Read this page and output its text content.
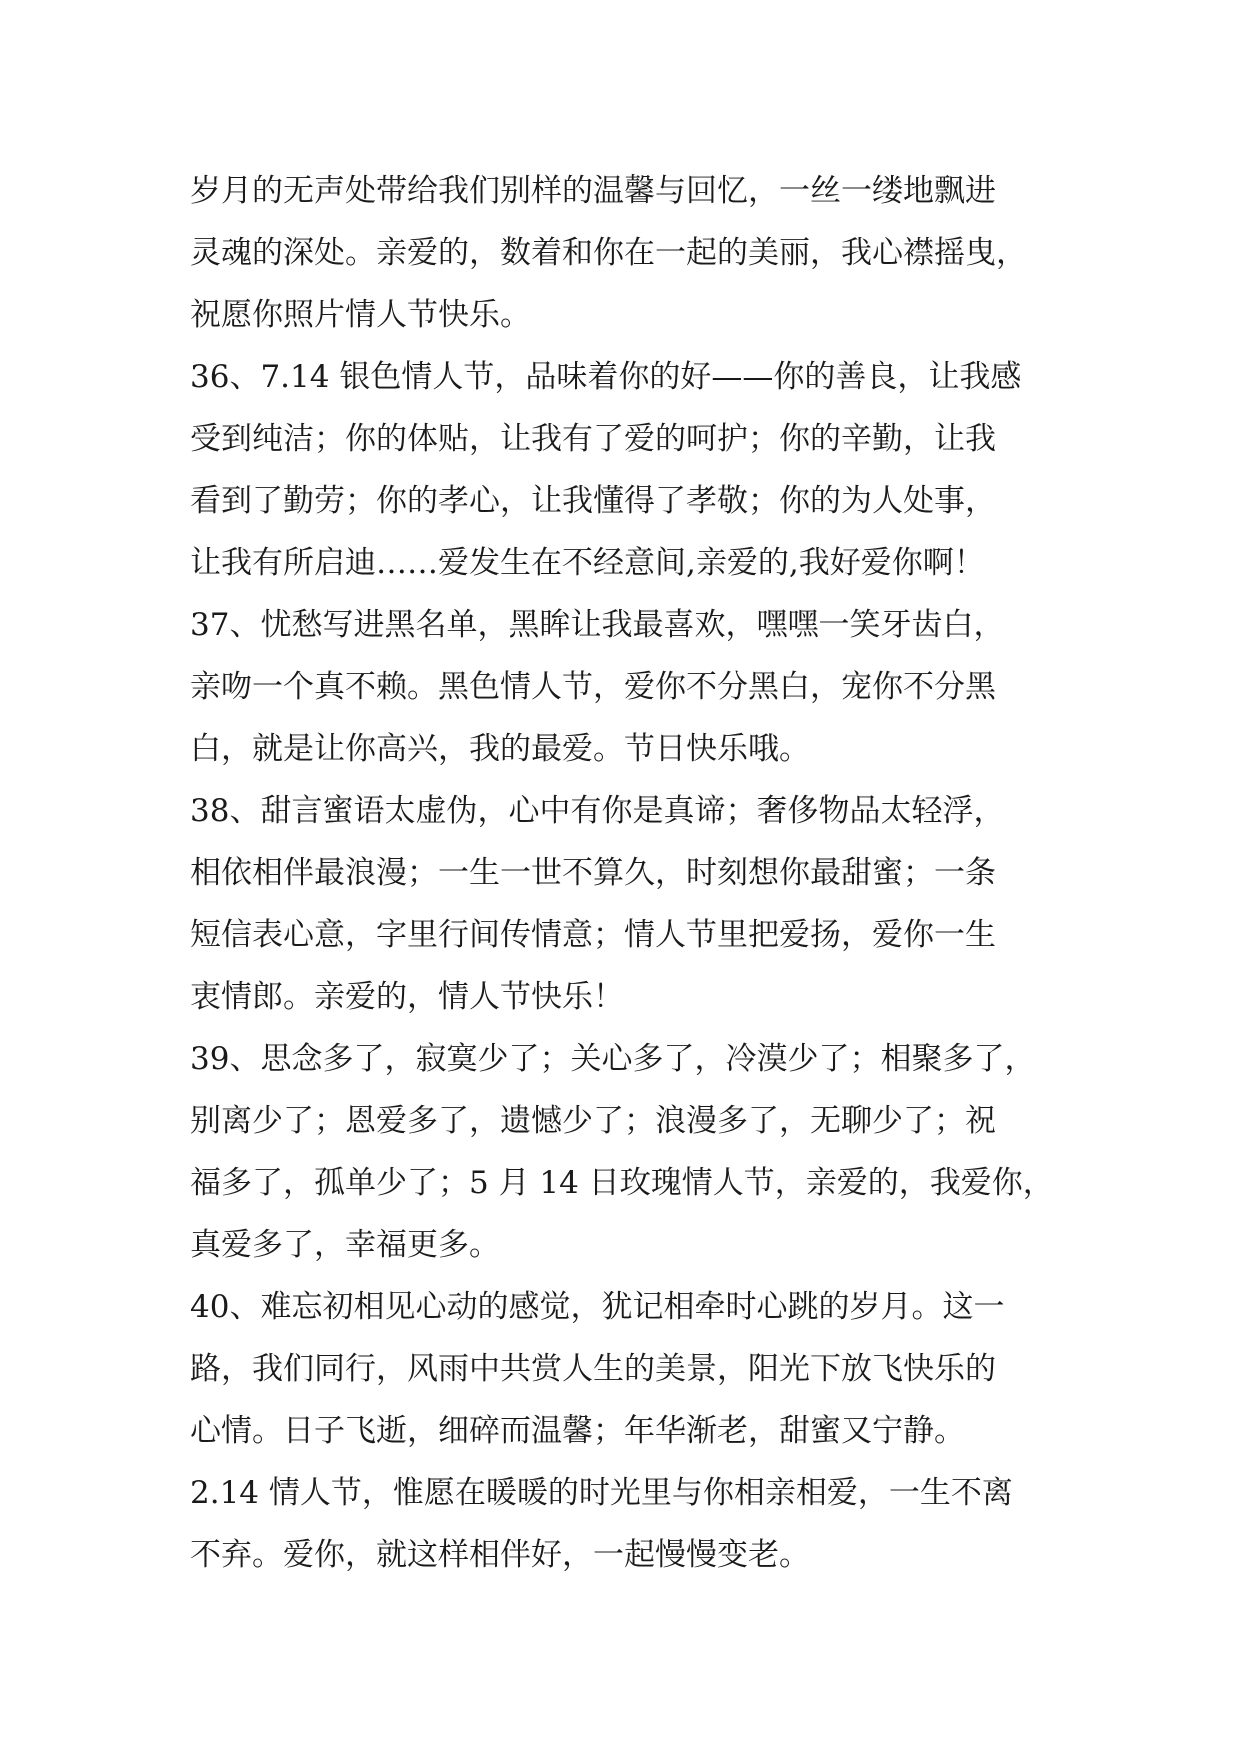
岁月的无声处带给我们别样的温馨与回忆，一丝一缕地飘进
灵魂的深处。亲爱的，数着和你在一起的美丽，我心襟摇曳，
祝愿你照片情人节快乐。
36、7.14 银色情人节，品味着你的好——你的善良，让我感
受到纯洁；你的体贴，让我有了爱的呵护；你的辛勤，让我
看到了勤劳；你的孝心，让我懂得了孝敬；你的为人处事，
让我有所启迪……爱发生在不经意间,亲爱的,我好爱你啊！
37、忧愁写进黑名单，黑眸让我最喜欢，嘿嘿一笑牙齿白，
亲吻一个真不赖。黑色情人节，爱你不分黑白，宠你不分黑
白，就是让你高兴，我的最爱。节日快乐哦。
38、甜言蜜语太虚伪，心中有你是真谛；奢侈物品太轻浮，
相依相伴最浪漫；一生一世不算久，时刻想你最甜蜜；一条
短信表心意，字里行间传情意；情人节里把爱扬，爱你一生
衷情郎。亲爱的，情人节快乐！
39、思念多了，寂寞少了；关心多了，冷漠少了；相聚多了，
别离少了；恩爱多了，遗憾少了；浪漫多了，无聊少了；祝
福多了，孤单少了；5 月 14 日玫瑰情人节，亲爱的，我爱你，
真爱多了，幸福更多。
40、难忘初相见心动的感觉，犹记相牵时心跳的岁月。这一
路，我们同行，风雨中共赏人生的美景，阳光下放飞快乐的
心情。日子飞逝，细碎而温馨；年华渐老，甜蜜又宁静。
2.14 情人节，惟愿在暖暖的时光里与你相亲相爱，一生不离
不弃。爱你，就这样相伴好，一起慢慢变老。
